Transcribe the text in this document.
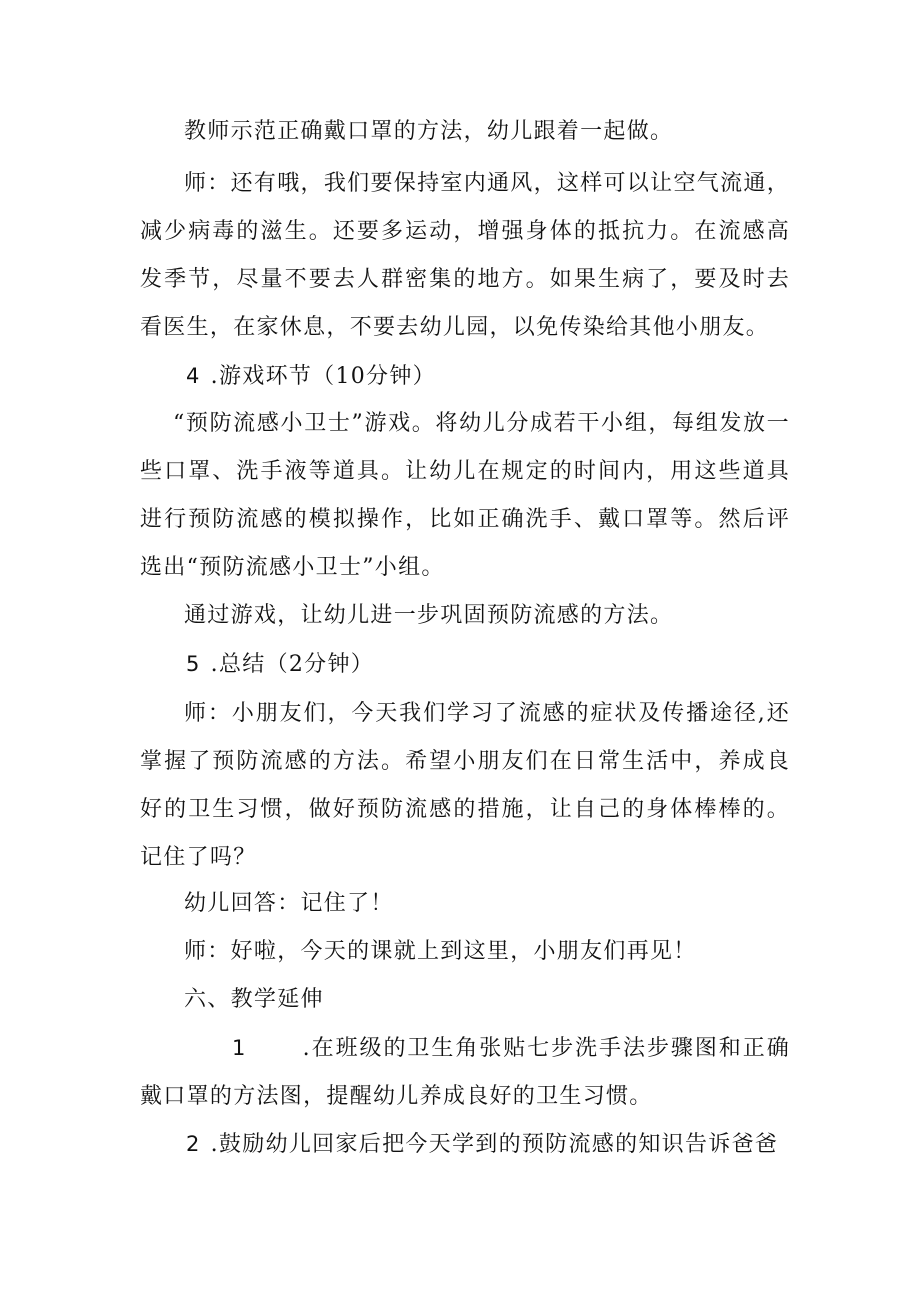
教师示范正确戴口罩的方法，幼儿跟着一起做。

师：还有哦，我们要保持室内通风，这样可以让空气流通，减少病毒的滋生。还要多运动，增强身体的抵抗力。在流感高发季节，尽量不要去人群密集的地方。如果生病了，要及时去看医生，在家休息，不要去幼儿园，以免传染给其他小朋友。

4 .游戏环节（10分钟）

“预防流感小卫士”游戏。将幼儿分成若干小组，每组发放一些口罩、洗手液等道具。让幼儿在规定的时间内，用这些道具进行预防流感的模拟操作，比如正确洗手、戴口罩等。然后评选出“预防流感小卫士”小组。

通过游戏，让幼儿进一步巩固预防流感的方法。

5 .总结（2分钟）

师：小朋友们，今天我们学习了流感的症状及传播途径,还掌握了预防流感的方法。希望小朋友们在日常生活中，养成良好的卫生习惯，做好预防流感的措施，让自己的身体棒棒的。记住了吗？

幼儿回答：记住了！

师：好啦，今天的课就上到这里，小朋友们再见！

六、教学延伸

1	.在班级的卫生角张贴七步洗手法步骤图和正确戴口罩的方法图，提醒幼儿养成良好的卫生习惯。
2 .鼓励幼儿回家后把今天学到的预防流感的知识告诉爸爸
